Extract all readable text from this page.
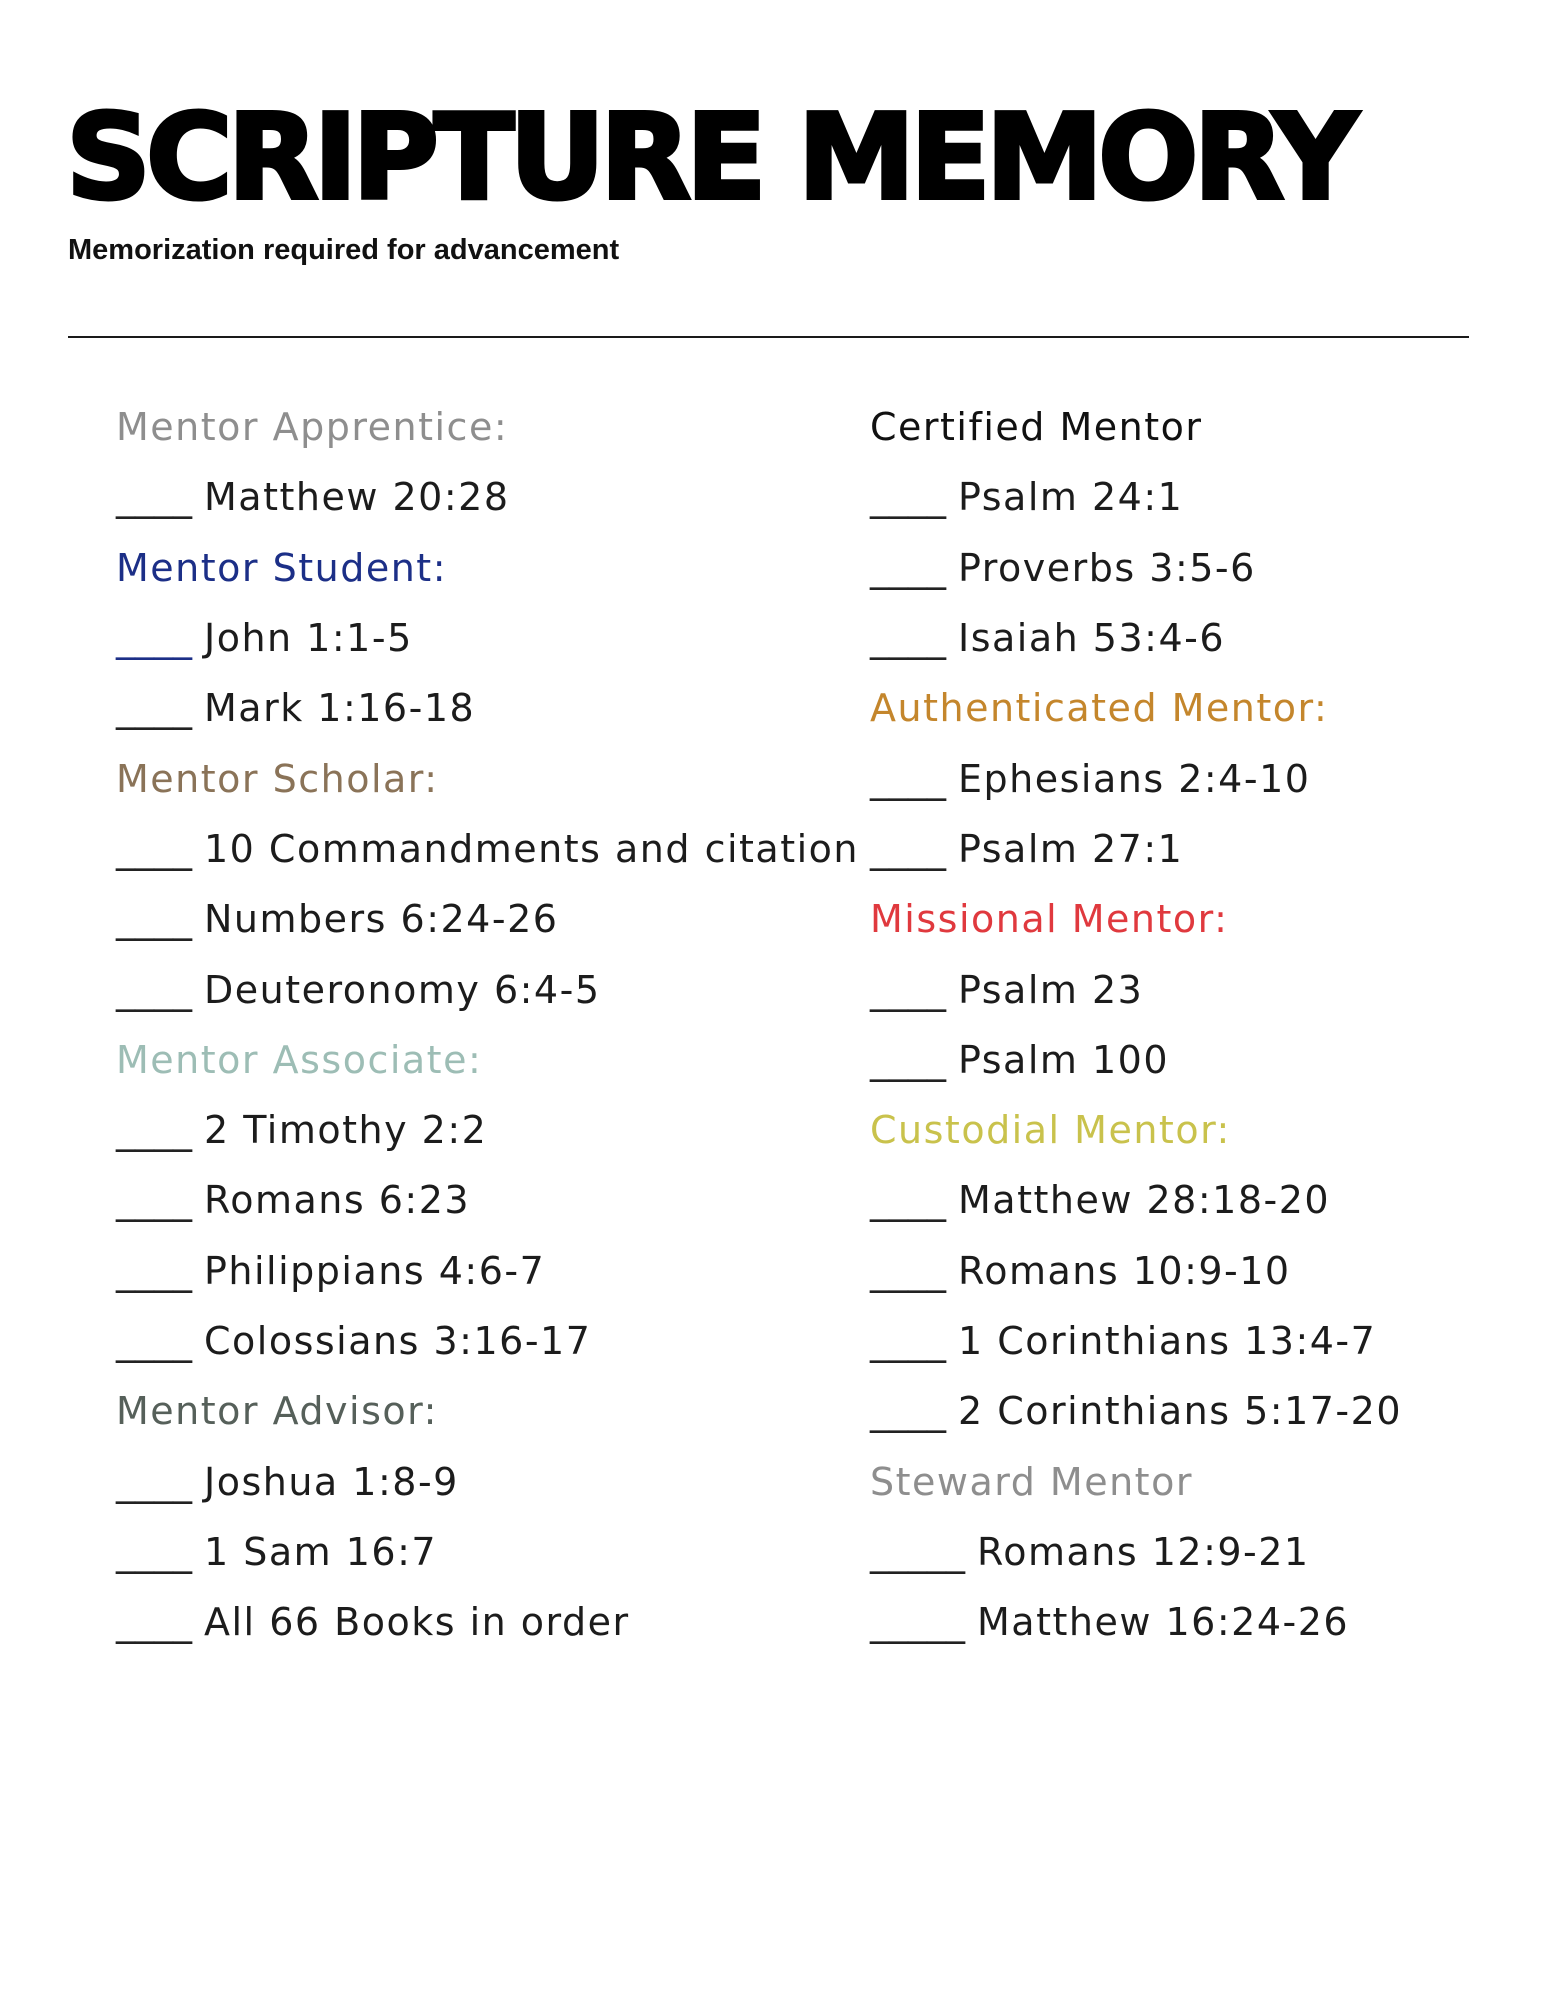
SCRIPTURE MEMORY

Memorization required for advancement

Mentor Apprentice:
____ Matthew 20:28
Mentor Student:
____ John 1:1-5
____ Mark 1:16-18
Mentor Scholar:
____ 10 Commandments and citation
____ Numbers 6:24-26
____ Deuteronomy 6:4-5
Mentor Associate:
____ 2 Timothy 2:2
____ Romans 6:23
____ Philippians 4:6-7
____ Colossians 3:16-17
Mentor Advisor:
____ Joshua 1:8-9
____ 1 Sam 16:7
____ All 66 Books in order
Certified Mentor
____ Psalm 24:1
____ Proverbs 3:5-6
____ Isaiah 53:4-6
Authenticated Mentor:
____ Ephesians 2:4-10
____ Psalm 27:1
Missional Mentor:
____ Psalm 23
____ Psalm 100
Custodial Mentor:
____ Matthew 28:18-20
____ Romans 10:9-10
____ 1 Corinthians 13:4-7
____ 2 Corinthians 5:17-20
Steward Mentor
_____ Romans 12:9-21
_____ Matthew 16:24-26
